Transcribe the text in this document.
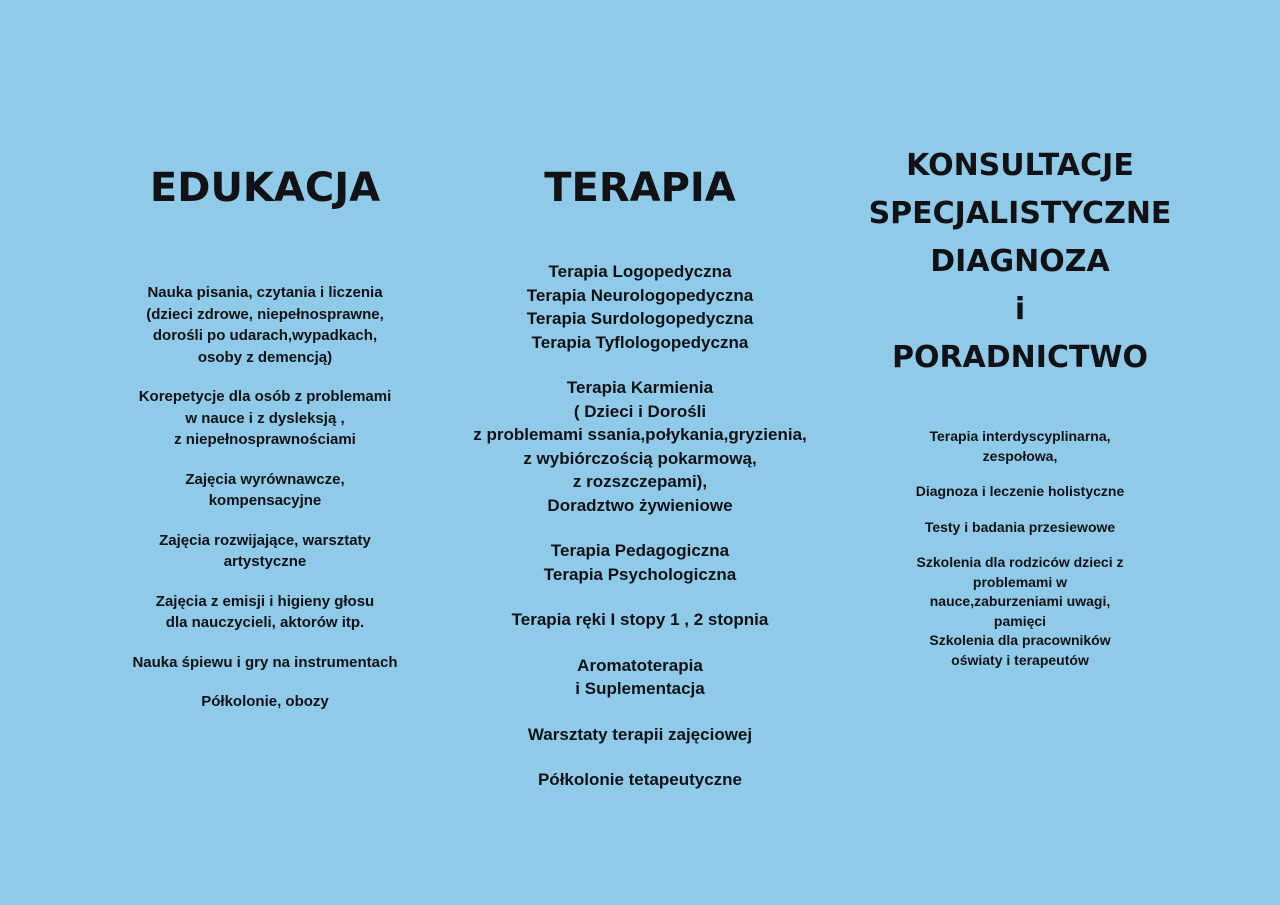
EDUKACJA

Nauka pisania, czytania i liczenia
(dzieci zdrowe, niepełnosprawne,
dorośli po udarach,wypadkach,
osoby z demencją)

Korepetycje dla osób z problemami
w nauce i z dysleksją ,
z niepełnosprawnościami

Zajęcia wyrównawcze,
kompensacyjne

Zajęcia rozwijające, warsztaty
artystyczne

Zajęcia z emisji i higieny głosu
dla nauczycieli, aktorów itp.

Nauka śpiewu i gry na instrumentach

Półkolonie, obozy

TERAPIA

Terapia Logopedyczna
Terapia Neurologopedyczna
Terapia Surdologopedyczna
Terapia Tyflologopedyczna

Terapia Karmienia
( Dzieci i Dorośli
z problemami ssania,połykania,gryzienia,
z wybiórczością pokarmową,
z rozszczepami),
Doradztwo żywieniowe

Terapia Pedagogiczna
Terapia Psychologiczna

Terapia ręki I stopy 1 , 2 stopnia

Aromatoterapia
i Suplementacja

Warsztaty terapii zajęciowej

Półkolonie tetapeutyczne

KONSULTACJE
SPECJALISTYCZNE
DIAGNOZA
i
PORADNICTWO

Terapia interdyscyplinarna,
zespołowa,

Diagnoza i leczenie holistyczne

Testy i badania przesiewowe

Szkolenia dla rodziców dzieci z
problemami w
nauce,zaburzeniami uwagi,
pamięci
Szkolenia dla pracowników
oświaty i terapeutów
